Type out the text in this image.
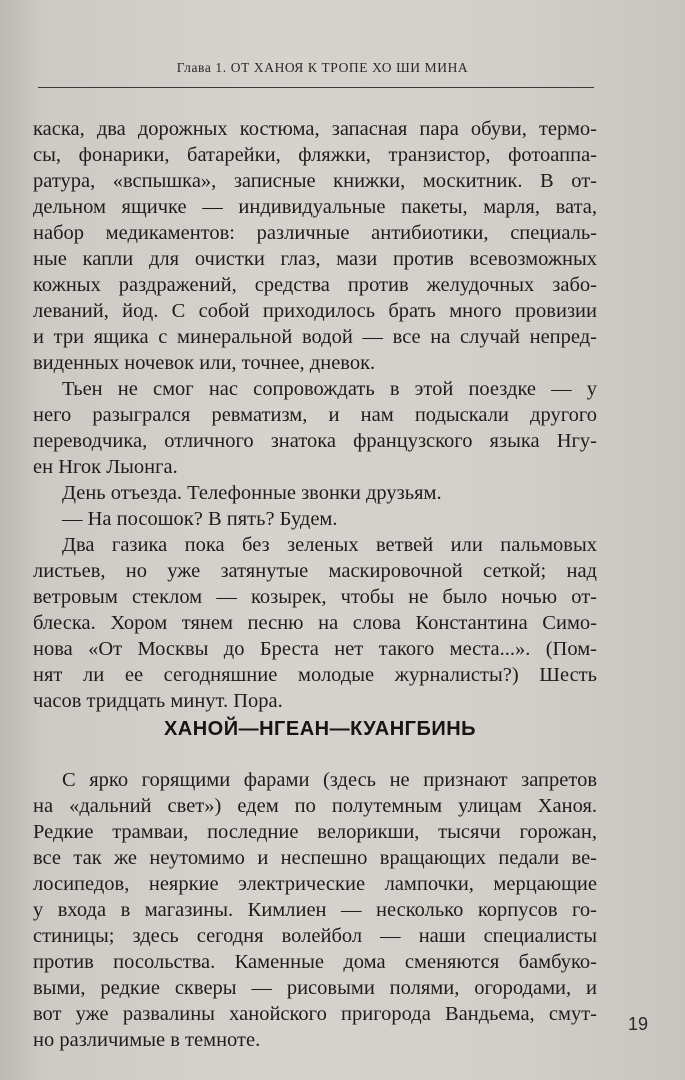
Глава 1. ОТ ХАНОЯ К ТРОПЕ ХО ШИ МИНА
каска, два дорожных костюма, запасная пара обуви, термо-
сы, фонарики, батарейки, фляжки, транзистор, фотоаппа-
ратура, «вспышка», записные книжки, москитник. В от-
дельном ящичке — индивидуальные пакеты, марля, вата,
набор медикаментов: различные антибиотики, специаль-
ные капли для очистки глаз, мази против всевозможных
кожных раздражений, средства против желудочных забо-
леваний, йод. С собой приходилось брать много провизии
и три ящика с минеральной водой — все на случай непред-
виденных ночевок или, точнее, дневок.
Тьен не смог нас сопровождать в этой поездке — у
него разыгрался ревматизм, и нам подыскали другого
переводчика, отличного знатока французского языка Нгу-
ен Нгок Лыонга.
День отъезда. Телефонные звонки друзьям.
— На посошок? В пять? Будем.
Два газика пока без зеленых ветвей или пальмовых
листьев, но уже затянутые маскировочной сеткой; над
ветровым стеклом — козырек, чтобы не было ночью от-
блеска. Хором тянем песню на слова Константина Симо-
нова «От Москвы до Бреста нет такого места...». (Пом-
нят ли ее сегодняшние молодые журналисты?) Шесть
часов тридцать минут. Пора.
ХАНОЙ—НГЕАН—КУАНГБИНЬ
С ярко горящими фарами (здесь не признают запретов
на «дальний свет») едем по полутемным улицам Ханоя.
Редкие трамваи, последние велорикши, тысячи горожан,
все так же неутомимо и неспешно вращающих педали ве-
лосипедов, неяркие электрические лампочки, мерцающие
у входа в магазины. Кимлиен — несколько корпусов го-
стиницы; здесь сегодня волейбол — наши специалисты
против посольства. Каменные дома сменяются бамбуко-
выми, редкие скверы — рисовыми полями, огородами, и
вот уже развалины ханойского пригорода Вандьема, смут-
но различимые в темноте.
19
